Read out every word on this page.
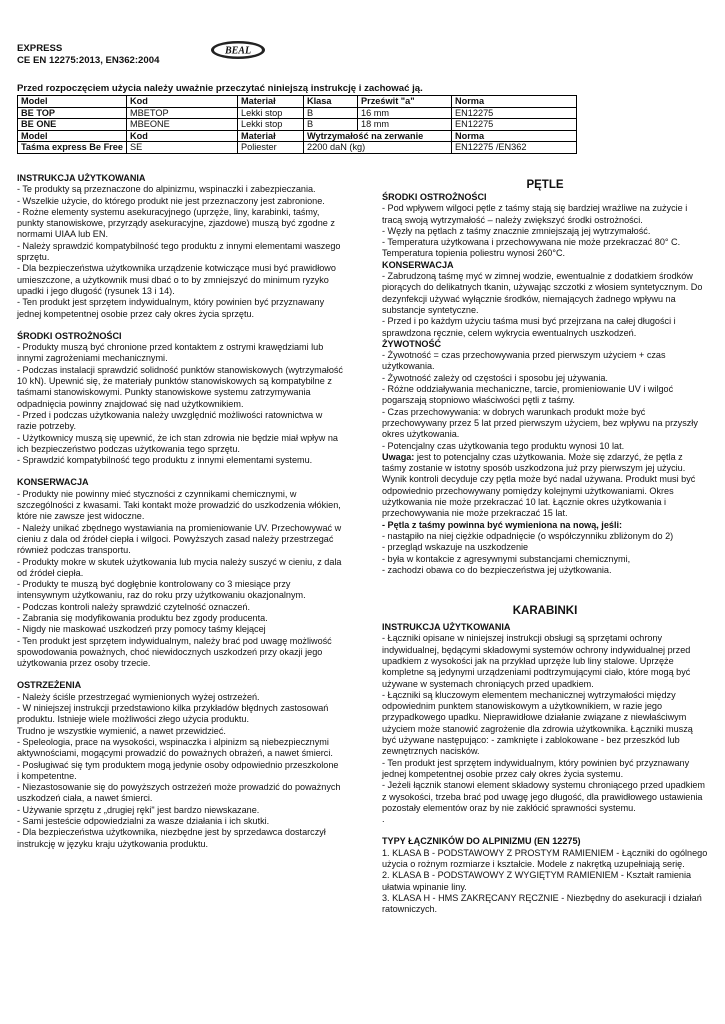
EXPRESS
CE EN 12275:2013, EN362:2004
BEAL
Przed rozpoczęciem użycia należy uważnie przeczytać niniejszą instrukcję i zachować ją.
Model	Kod	Materiał	Klasa	Prześwit "a"	Norma
BE TOP	MBETOP	Lekki stop	B	16 mm	EN12275
BE ONE	MBEONE	Lekki stop	B	18 mm	EN12275
Model	Kod	Materiał	Wytrzymałość na zerwanie		Norma
Taśma express Be Free	SE	Poliester	2200 daN (kg)		EN12275 /EN362
INSTRUKCJA UŻYTKOWANIA

- Te produkty są przeznaczone do alpinizmu, wspinaczki i zabezpieczania.

- Wszelkie użycie, do którego produkt nie jest przeznaczony jest zabronione.

- Rożne elementy systemu asekuracyjnego (uprzęże, liny, karabinki, taśmy, punkty stanowiskowe, przyrządy asekuracyjne, zjazdowe) muszą być zgodne z normami UIAA lub EN.

- Należy sprawdzić kompatybilność tego produktu z innymi elementami waszego sprzętu.

- Dla bezpieczeństwa użytkownika urządzenie kotwiczące musi być prawidłowo umieszczone, a użytkownik musi dbać o to by zmniejszyć do minimum ryzyko upadki i jego długość (rysunek 13 i 14).

- Ten produkt jest sprzętem indywidualnym, który powinien być przyznawany jednej kompetentnej osobie przez cały okres życia sprzętu.

ŚRODKI OSTROŻNOŚCI

- Produkty muszą być chronione przed kontaktem z ostrymi krawędziami lub innymi zagrożeniami mechanicznymi.

- Podczas instalacji sprawdzić solidność punktów stanowiskowych (wytrzymałość 10 kN). Upewnić się, że materiały punktów stanowiskowych są kompatybilne z taśmami stanowiskowymi. Punkty stanowiskowe systemu zatrzymywania odpadnięcia powinny znajdować się nad użytkownikiem.

- Przed i podczas użytkowania należy uwzględnić możliwości ratownictwa w razie potrzeby.

- Użytkownicy muszą się upewnić, że ich stan zdrowia nie będzie miał wpływ na ich bezpieczeństwo podczas użytkowania tego sprzętu.

- Sprawdzić kompatybilność tego produktu z innymi elementami systemu.

KONSERWACJA

- Produkty nie powinny mieć styczności z czynnikami chemicznymi, w szczególności z kwasami. Taki kontakt może prowadzić do uszkodzenia włókien, które nie zawsze jest widoczne.

- Należy unikać zbędnego wystawiania na promieniowanie UV. Przechowywać w cieniu z dala od źródeł ciepła i wilgoci. Powyższych zasad należy przestrzegać również podczas transportu.

- Produkty mokre w skutek użytkowania lub mycia należy suszyć w cieniu, z dala od źródeł ciepła.

- Produkty te muszą być dogłębnie kontrolowany co 3 miesiące przy intensywnym użytkowaniu, raz do roku przy użytkowaniu okazjonalnym.

- Podczas kontroli należy sprawdzić czytelność oznaczeń.

- Zabrania się modyfikowania produktu bez zgody producenta.

- Nigdy nie maskować uszkodzeń przy pomocy taśmy klejącej

- Ten produkt jest sprzętem indywidualnym, należy brać pod uwagę możliwość spowodowania poważnych, choć niewidocznych uszkodzeń przy okazji jego użytkowania przez osoby trzecie.

OSTRZEŻENIA

- Należy ściśle przestrzegać wymienionych wyżej ostrzeżeń.

- W niniejszej instrukcji przedstawiono kilka przykładów błędnych zastosowań produktu. Istnieje wiele możliwości złego użycia produktu.

Trudno je wszystkie wymienić, a nawet przewidzieć.

- Speleologia, prace na wysokości, wspinaczka i alpinizm są niebezpiecznymi aktywnościami, mogącymi prowadzić do poważnych obrażeń, a nawet śmierci.

- Posługiwać się tym produktem mogą jedynie osoby odpowiednio przeszkolone i kompetentne.

- Niezastosowanie się do powyższych ostrzeżeń może prowadzić do poważnych uszkodzeń ciała, a nawet śmierci.

- Używanie sprzętu z „drugiej ręki" jest bardzo niewskazane.

- Sami jesteście odpowiedzialni za wasze działania i ich skutki.

- Dla bezpieczeństwa użytkownika, niezbędne jest by sprzedawca dostarczył instrukcję w języku kraju użytkowania produktu.

PĘTLE
ŚRODKI OSTROŻNOŚCI

- Pod wpływem wilgoci pętle z taśmy stają się bardziej wrażliwe na zużycie i tracą swoją wytrzymałość – należy zwiększyć środki ostrożności.

- Węzły na pętlach z taśmy znacznie zmniejszają jej wytrzymałość.

- Temperatura użytkowana i przechowywana nie może przekraczać 80° C. Temperatura topienia poliestru wynosi 260°C.

KONSERWACJA

- Zabrudzoną taśmę myć w zimnej wodzie, ewentualnie z dodatkiem środków piorących do delikatnych tkanin, używając szczotki z włosiem syntetycznym. Do dezynfekcji używać wyłącznie środków, niemających żadnego wpływu na substancje syntetyczne.

- Przed i po każdym użyciu taśma musi być przejrzana na całej długości i sprawdzona ręcznie, celem wykrycia ewentualnych uszkodzeń.

ŻYWOTNOŚĆ

- Żywotność = czas przechowywania przed pierwszym użyciem + czas użytkowania.

- Żywotność zależy od częstości i sposobu jej używania.

- Różne oddziaływania mechaniczne, tarcie, promieniowanie UV i wilgoć pogarszają stopniowo właściwości pętli z taśmy.

- Czas przechowywania: w dobrych warunkach produkt może być przechowywany przez 5 lat przed pierwszym użyciem, bez wpływu na przyszły okres użytkowania.

- Potencjalny czas użytkowania tego produktu wynosi 10 lat.

Uwaga: jest to potencjalny czas użytkowania. Może się zdarzyć, że pętla z taśmy zostanie w istotny sposób uszkodzona już przy pierwszym jej użyciu. Wynik kontroli decyduje czy pętla może być nadal używana. Produkt musi być odpowiednio przechowywany pomiędzy kolejnymi użytkowaniami. Okres użytkowania nie może przekraczać 10 lat. Łącznie okres użytkowania i przechowywania nie może przekraczać 15 lat.

- Pętla z taśmy powinna być wymieniona na nową, jeśli:

- nastąpiło na niej ciężkie odpadnięcie (o współczynniku zbliżonym do 2)

- przegląd wskazuje na uszkodzenie

- była w kontakcie z agresywnymi substancjami chemicznymi,

- zachodzi obawa co do bezpieczeństwa jej użytkowania.

KARABINKI
INSTRUKCJA UŻYTKOWANIA

- Łączniki opisane w niniejszej instrukcji obsługi są sprzętami ochrony indywidualnej, będącymi składowymi systemów ochrony indywidualnej przed upadkiem z wysokości jak na przykład uprzęże lub liny stalowe. Uprzęże kompletne są jedynymi urządzeniami podtrzymującymi ciało, które mogą być używane w systemach chroniących przed upadkiem.

- Łączniki są kluczowym elementem mechanicznej wytrzymałości między odpowiednim punktem stanowiskowym a użytkownikiem, w razie jego przypadkowego upadku. Nieprawidłowe działanie związane z niewłaściwym użyciem może stanowić zagrożenie dla zdrowia użytkownika. Łączniki muszą być używane następująco: - zamknięte i zablokowane - bez przeszkód lub zewnętrznych nacisków.

- Ten produkt jest sprzętem indywidualnym, który powinien być przyznawany jednej kompetentnej osobie przez cały okres życia systemu.

- Jeżeli łącznik stanowi element składowy systemu chroniącego przed upadkiem z wysokości, trzeba brać pod uwagę jego długość, dla prawidłowego ustawienia pozostały elementów oraz by nie zakłócić sprawności systemu.

.

TYPY ŁĄCZNIKÓW DO ALPINIZMU (EN 12275)

1. KLASA B - PODSTAWOWY Z PROSTYM RAMIENIEM - Łączniki do ogólnego użycia o rożnym rozmiarze i kształcie. Modele z nakrętką uzupełniają serię.

2. KLASA B - PODSTAWOWY Z WYGIĘTYM RAMIENIEM - Kształt ramienia ułatwia wpinanie liny.

3. KLASA H - HMS ZAKRĘCANY RĘCZNIE - Niezbędny do asekuracji i działań ratowniczych.
